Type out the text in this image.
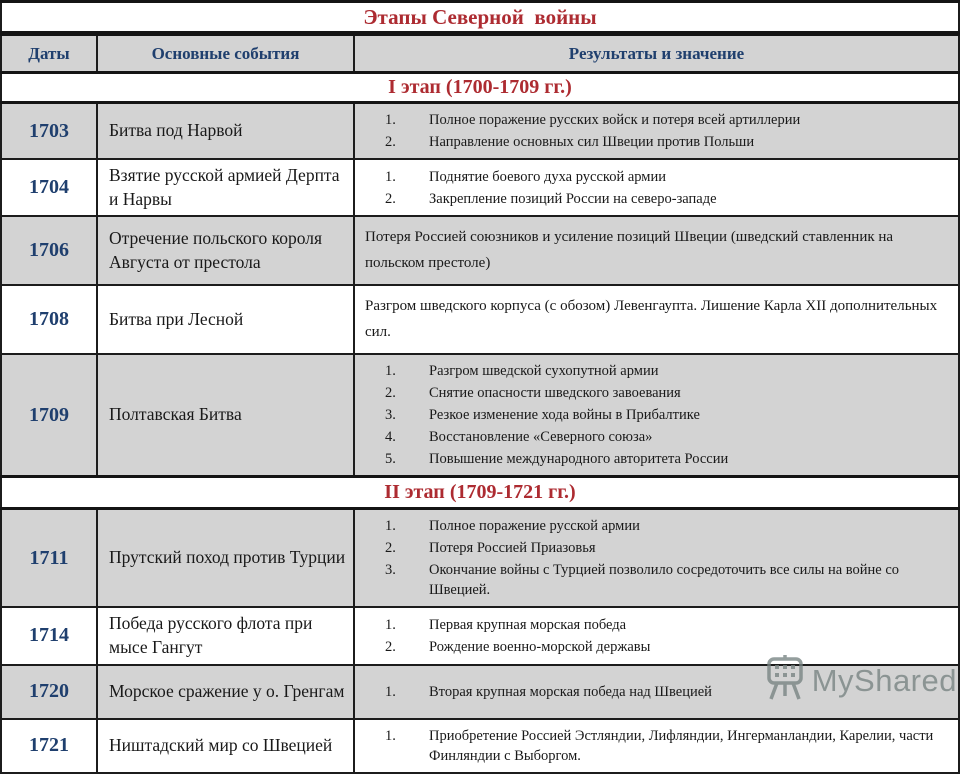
Этапы Северной  войны		
Даты	Основные события	Результаты и значение
I этап (1700-1709 гг.)		
1703	Битва под Нарвой	
Полное поражение русских войск и потеря всей артиллерии
Направление основных сил Швеции против Польши

1704	Взятие русской армией Дерпта и Нарвы	
Поднятие боевого духа русской армии
Закрепление позиций России на северо-западе

1706	Отречение польского короля Августа от престола	Потеря Россией союзников и усиление позиций Швеции (шведский ставленник на польском престоле)

1708	Битва при Лесной	Разгром шведского корпуса (с обозом) Левенгаупта. Лишение Карла XII дополнительных сил.

1709	Полтавская Битва	
Разгром шведской сухопутной армии
Снятие опасности шведского завоевания
Резкое изменение хода войны в Прибалтике
Восстановление «Северного союза»
Повышение международного авторитета России

II этап (1709-1721 гг.)		
1711	Прутский поход против Турции	
Полное поражение русской армии
Потеря Россией Приазовья
Окончание войны с Турцией позволило сосредоточить все силы на войне со Швецией.

1714	Победа русского флота при мысе Гангут	
Первая крупная морская победа
Рождение военно-морской державы

1720	Морское сражение у о. Гренгам	Вторая крупная морская победа над Швецией

1721	Ништадский мир со Швецией	Приобретение Россией Эстляндии, Лифляндии, Ингерманландии, Карелии, части Финляндии с Выборгом.
MyShared
